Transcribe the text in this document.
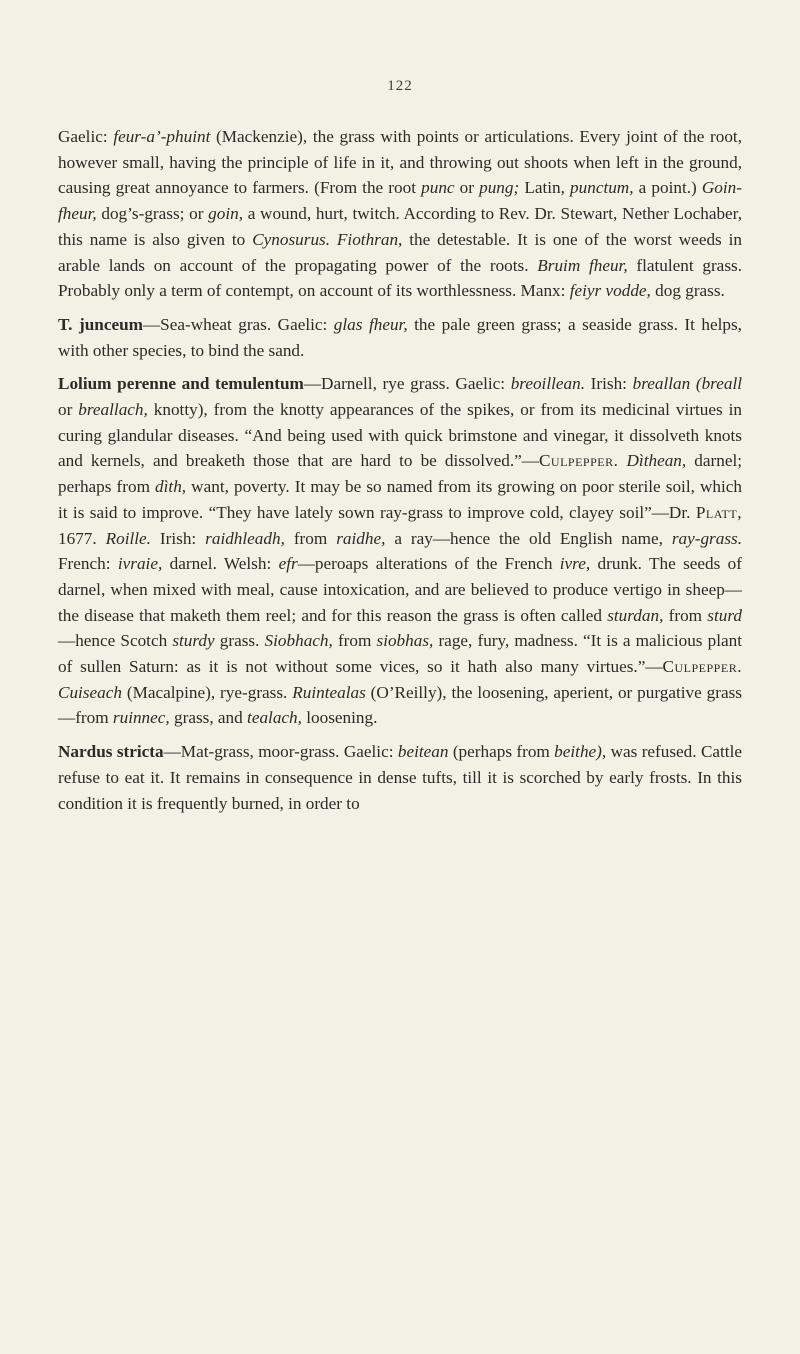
122

Gaelic: feur-a’-phuint (Mackenzie), the grass with points or articulations. Every joint of the root, however small, having the principle of life in it, and throwing out shoots when left in the ground, causing great annoyance to farmers. (From the root punc or pung; Latin, punctum, a point.) Goin-fheur, dog’s-grass; or goin, a wound, hurt, twitch. According to Rev. Dr. Stewart, Nether Lochaber, this name is also given to Cynosurus. Fiothran, the detestable. It is one of the worst weeds in arable lands on account of the propagating power of the roots. Bruim fheur, flatulent grass. Probably only a term of contempt, on account of its worthlessness. Manx: feiyr vodde, dog grass.

T. junceum—Sea-wheat gras. Gaelic: glas fheur, the pale green grass; a seaside grass. It helps, with other species, to bind the sand.

Lolium perenne and temulentum—Darnell, rye grass. Gaelic: breoillean. Irish: breallan (breall or breallach, knotty), from the knotty appearances of the spikes, or from its medicinal virtues in curing glandular diseases. “And being used with quick brimstone and vinegar, it dissolveth knots and kernels, and breaketh those that are hard to be dissolved.”—Culpepper. Dìthean, darnel; perhaps from dìth, want, poverty. It may be so named from its growing on poor sterile soil, which it is said to improve. “They have lately sown ray-grass to improve cold, clayey soil”—Dr. Platt, 1677. Roille. Irish: raidhleadh, from raidhe, a ray—hence the old English name, ray-grass. French: ivraie, darnel. Welsh: efr—peroaps alterations of the French ivre, drunk. The seeds of darnel, when mixed with meal, cause intoxication, and are believed to produce vertigo in sheep—the disease that maketh them reel; and for this reason the grass is often called sturdan, from sturd—hence Scotch sturdy grass. Siobhach, from siobhas, rage, fury, madness. “It is a malicious plant of sullen Saturn: as it is not without some vices, so it hath also many virtues.”—Culpepper. Cuiseach (Macalpine), rye-grass. Ruintealas (O’Reilly), the loosening, aperient, or purgative grass—from ruinnec, grass, and tealach, loosening.

Nardus stricta—Mat-grass, moor-grass. Gaelic: beitean (perhaps from beithe), was refused. Cattle refuse to eat it. It remains in consequence in dense tufts, till it is scorched by early frosts. In this condition it is frequently burned, in order to
